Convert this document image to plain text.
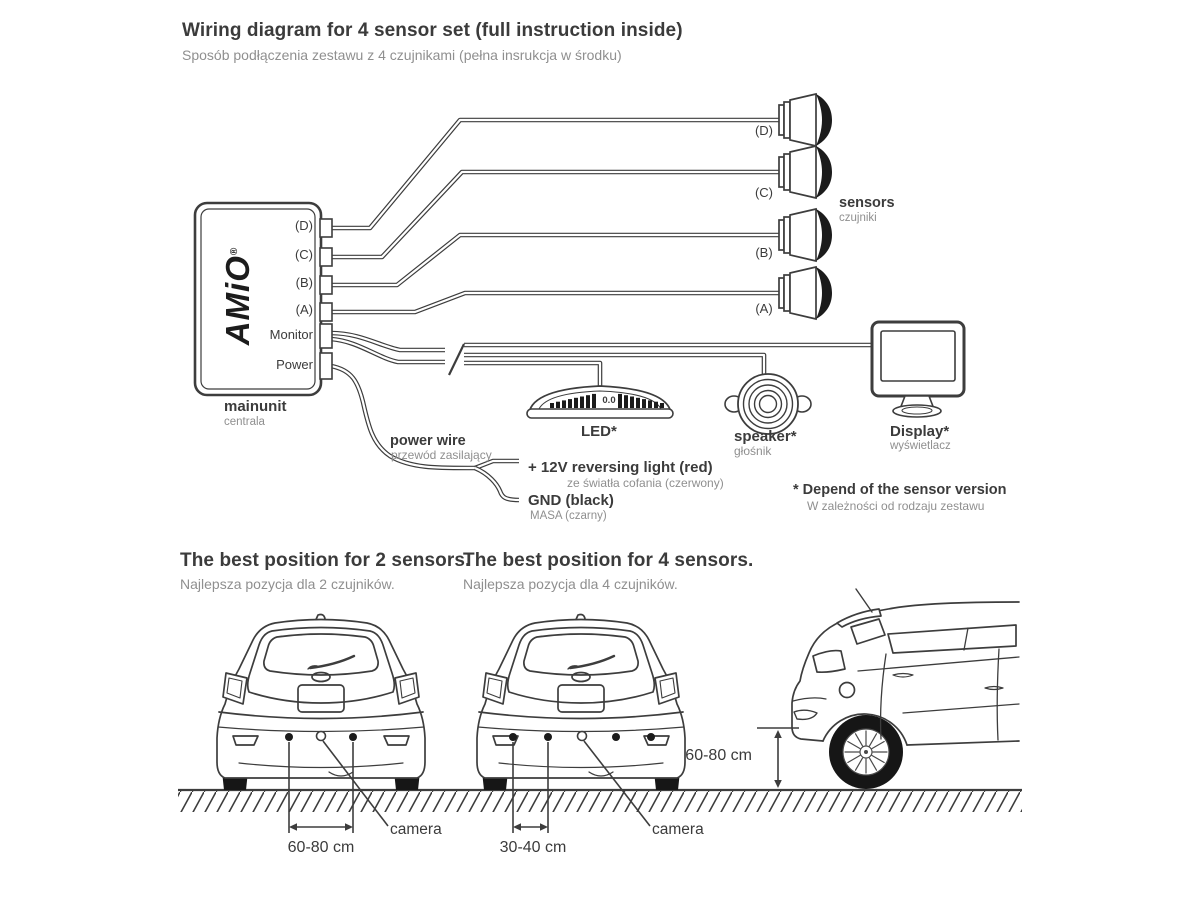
Wiring diagram for 4 sensor set (full instruction inside)
Sposób podłączenia zestawu z 4 czujnikami (pełna insrukcja w środku)
AMiO®
(D)
(C)
(B)
(A)
Monitor
Power
mainunit
centrala
(D)
(C)
(B)
(A)
sensors
czujniki
0.0
LED*	speaker*
głośnik
Display*
wyświetlacz
power wire
przewód zasilający
+ 12V reversing light (red)
ze światła cofania (czerwony)
GND (black)
MASA (czarny)
* Depend of the sensor version
W zależności od rodzaju zestawu
The best position for 2 sensors.
Najlepsza pozycja dla 2 czujników.
The best position for 4 sensors.
Najlepsza pozycja dla 4 czujników.
60-80 cm
camera
30-40 cm
camera
60-80 cm
